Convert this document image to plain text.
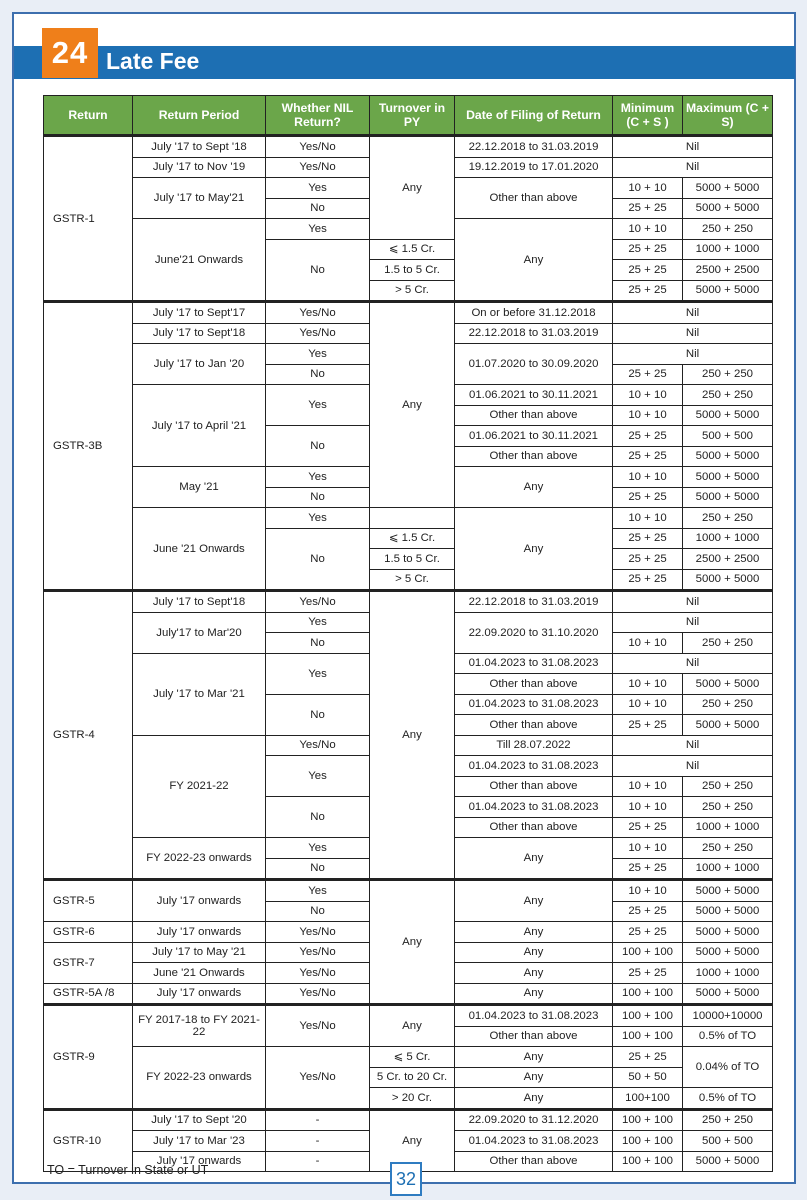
24 Late Fee
Return	Return Period	Whether NIL Return?	Turnover in PY	Date of Filing of Return	Minimum (C + S )	Maximum (C + S)
GSTR-1	July '17 to Sept '18	Yes/No	Any	22.12.2018 to 31.03.2019	Nil	
	July '17 to Nov '19	Yes/No		19.12.2019 to 17.01.2020	Nil	
	July '17 to May'21	Yes		Other than above	10 + 10	5000 + 5000
		No			25 + 25	5000 + 5000
	June'21 Onwards	Yes		Any	10 + 10	250 + 250
		No	⩽ 1.5 Cr.		25 + 25	1000 + 1000
			1.5 to 5 Cr.		25 + 25	2500 + 2500
			> 5 Cr.		25 + 25	5000 + 5000
GSTR-3B	July '17 to Sept'17	Yes/No	Any	On or before 31.12.2018	Nil	
	July '17 to Sept'18	Yes/No		22.12.2018 to 31.03.2019	Nil	
	July '17 to Jan '20	Yes		01.07.2020 to 30.09.2020	Nil	
		No			25 + 25	250 + 250
	July '17 to April '21	Yes		01.06.2021 to 30.11.2021	10 + 10	250 + 250
				Other than above	10 + 10	5000 + 5000
		No		01.06.2021 to 30.11.2021	25 + 25	500 + 500
				Other than above	25 + 25	5000 + 5000
	May '21	Yes		Any	10 + 10	5000 + 5000
		No			25 + 25	5000 + 5000
	June '21 Onwards	Yes		Any	10 + 10	250 + 250
		No	⩽ 1.5 Cr.		25 + 25	1000 + 1000
			1.5 to 5 Cr.		25 + 25	2500 + 2500
			> 5 Cr.		25 + 25	5000 + 5000
GSTR-4	July '17 to Sept'18	Yes/No	Any	22.12.2018 to 31.03.2019	Nil	
	July'17 to Mar'20	Yes		22.09.2020 to 31.10.2020	Nil	
		No			10 + 10	250 + 250
	July '17 to Mar '21	Yes		01.04.2023 to 31.08.2023	Nil	
				Other than above	10 + 10	5000 + 5000
		No		01.04.2023 to 31.08.2023	10 + 10	250 + 250
				Other than above	25 + 25	5000 + 5000
	FY 2021-22	Yes/No		Till 28.07.2022	Nil	
		Yes		01.04.2023 to 31.08.2023	Nil	
				Other than above	10 + 10	250 + 250
		No		01.04.2023 to 31.08.2023	10 + 10	250 + 250
				Other than above	25 + 25	1000 + 1000
	FY 2022-23 onwards	Yes		Any	10 + 10	250 + 250
		No			25 + 25	1000 + 1000
GSTR-5	July '17 onwards	Yes	Any	Any	10 + 10	5000 + 5000
		No			25 + 25	5000 + 5000
GSTR-6	July '17 onwards	Yes/No		Any	25 + 25	5000 + 5000
GSTR-7	July '17 to May '21	Yes/No		Any	100 + 100	5000 + 5000
	June '21 Onwards	Yes/No		Any	25 + 25	1000 + 1000
GSTR-5A /8	July '17 onwards	Yes/No		Any	100 + 100	5000 + 5000
GSTR-9	FY 2017-18 to FY 2021-22	Yes/No	Any	01.04.2023 to 31.08.2023	100 + 100	10000+10000
				Other than above	100 + 100	0.5% of TO
	FY 2022-23 onwards	Yes/No	⩽ 5 Cr.	Any	25 + 25	0.04% of TO
			5 Cr. to 20 Cr.	Any	50 + 50	
			> 20 Cr.	Any	100+100	0.5% of TO
GSTR-10	July '17 to Sept '20	-	Any	22.09.2020 to 31.12.2020	100 + 100	250 + 250
	July '17 to Mar '23	-		01.04.2023 to 31.08.2023	100 + 100	500 + 500
	July '17 onwards	-		Other than above	100 + 100	5000 + 5000
TO = Turnover in State or UT	32
